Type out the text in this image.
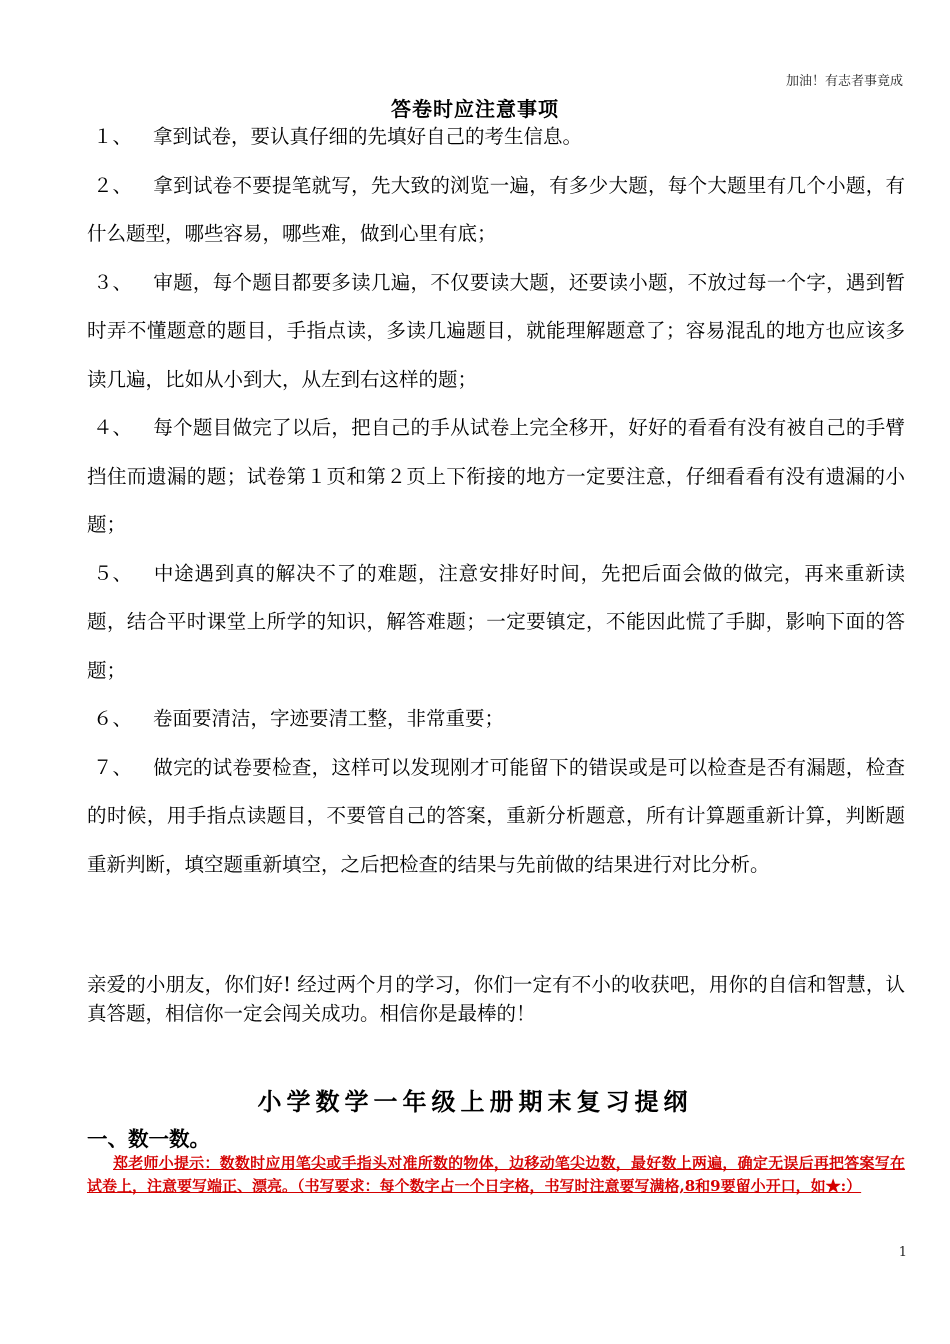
加油！有志者事竟成
答卷时应注意事项
１、 拿到试卷，要认真仔细的先填好自己的考生信息。
２、 拿到试卷不要提笔就写，先大致的浏览一遍，有多少大题，每个大题里有几个小题，有什么题型，哪些容易，哪些难，做到心里有底；
３、 审题，每个题目都要多读几遍，不仅要读大题，还要读小题，不放过每一个字，遇到暂时弄不懂题意的题目，手指点读，多读几遍题目，就能理解题意了；容易混乱的地方也应该多读几遍，比如从小到大，从左到右这样的题；
４、 每个题目做完了以后，把自己的手从试卷上完全移开，好好的看看有没有被自己的手臂挡住而遗漏的题；试卷第１页和第２页上下衔接的地方一定要注意，仔细看看有没有遗漏的小题；
５、 中途遇到真的解决不了的难题，注意安排好时间，先把后面会做的做完，再来重新读题，结合平时课堂上所学的知识，解答难题；一定要镇定，不能因此慌了手脚，影响下面的答题；
６、 卷面要清洁，字迹要清工整，非常重要；
７、 做完的试卷要检查，这样可以发现刚才可能留下的错误或是可以检查是否有漏题，检查的时候，用手指点读题目，不要管自己的答案，重新分析题意，所有计算题重新计算，判断题重新判断，填空题重新填空，之后把检查的结果与先前做的结果进行对比分析。
亲爱的小朋友，你们好! 经过两个月的学习，你们一定有不小的收获吧，用你的自信和智慧，认真答题，相信你一定会闯关成功。相信你是最棒的！
小学数学一年级上册期末复习提纲
一、数一数。
郑老师小提示：数数时应用笔尖或手指头对准所数的物体，边移动笔尖边数，最好数上两遍，确定无误后再把答案写在试卷上，注意要写端正、漂亮。（书写要求：每个数字占一个日字格，书写时注意要写满格,8和9要留小开口，如★:）
1
